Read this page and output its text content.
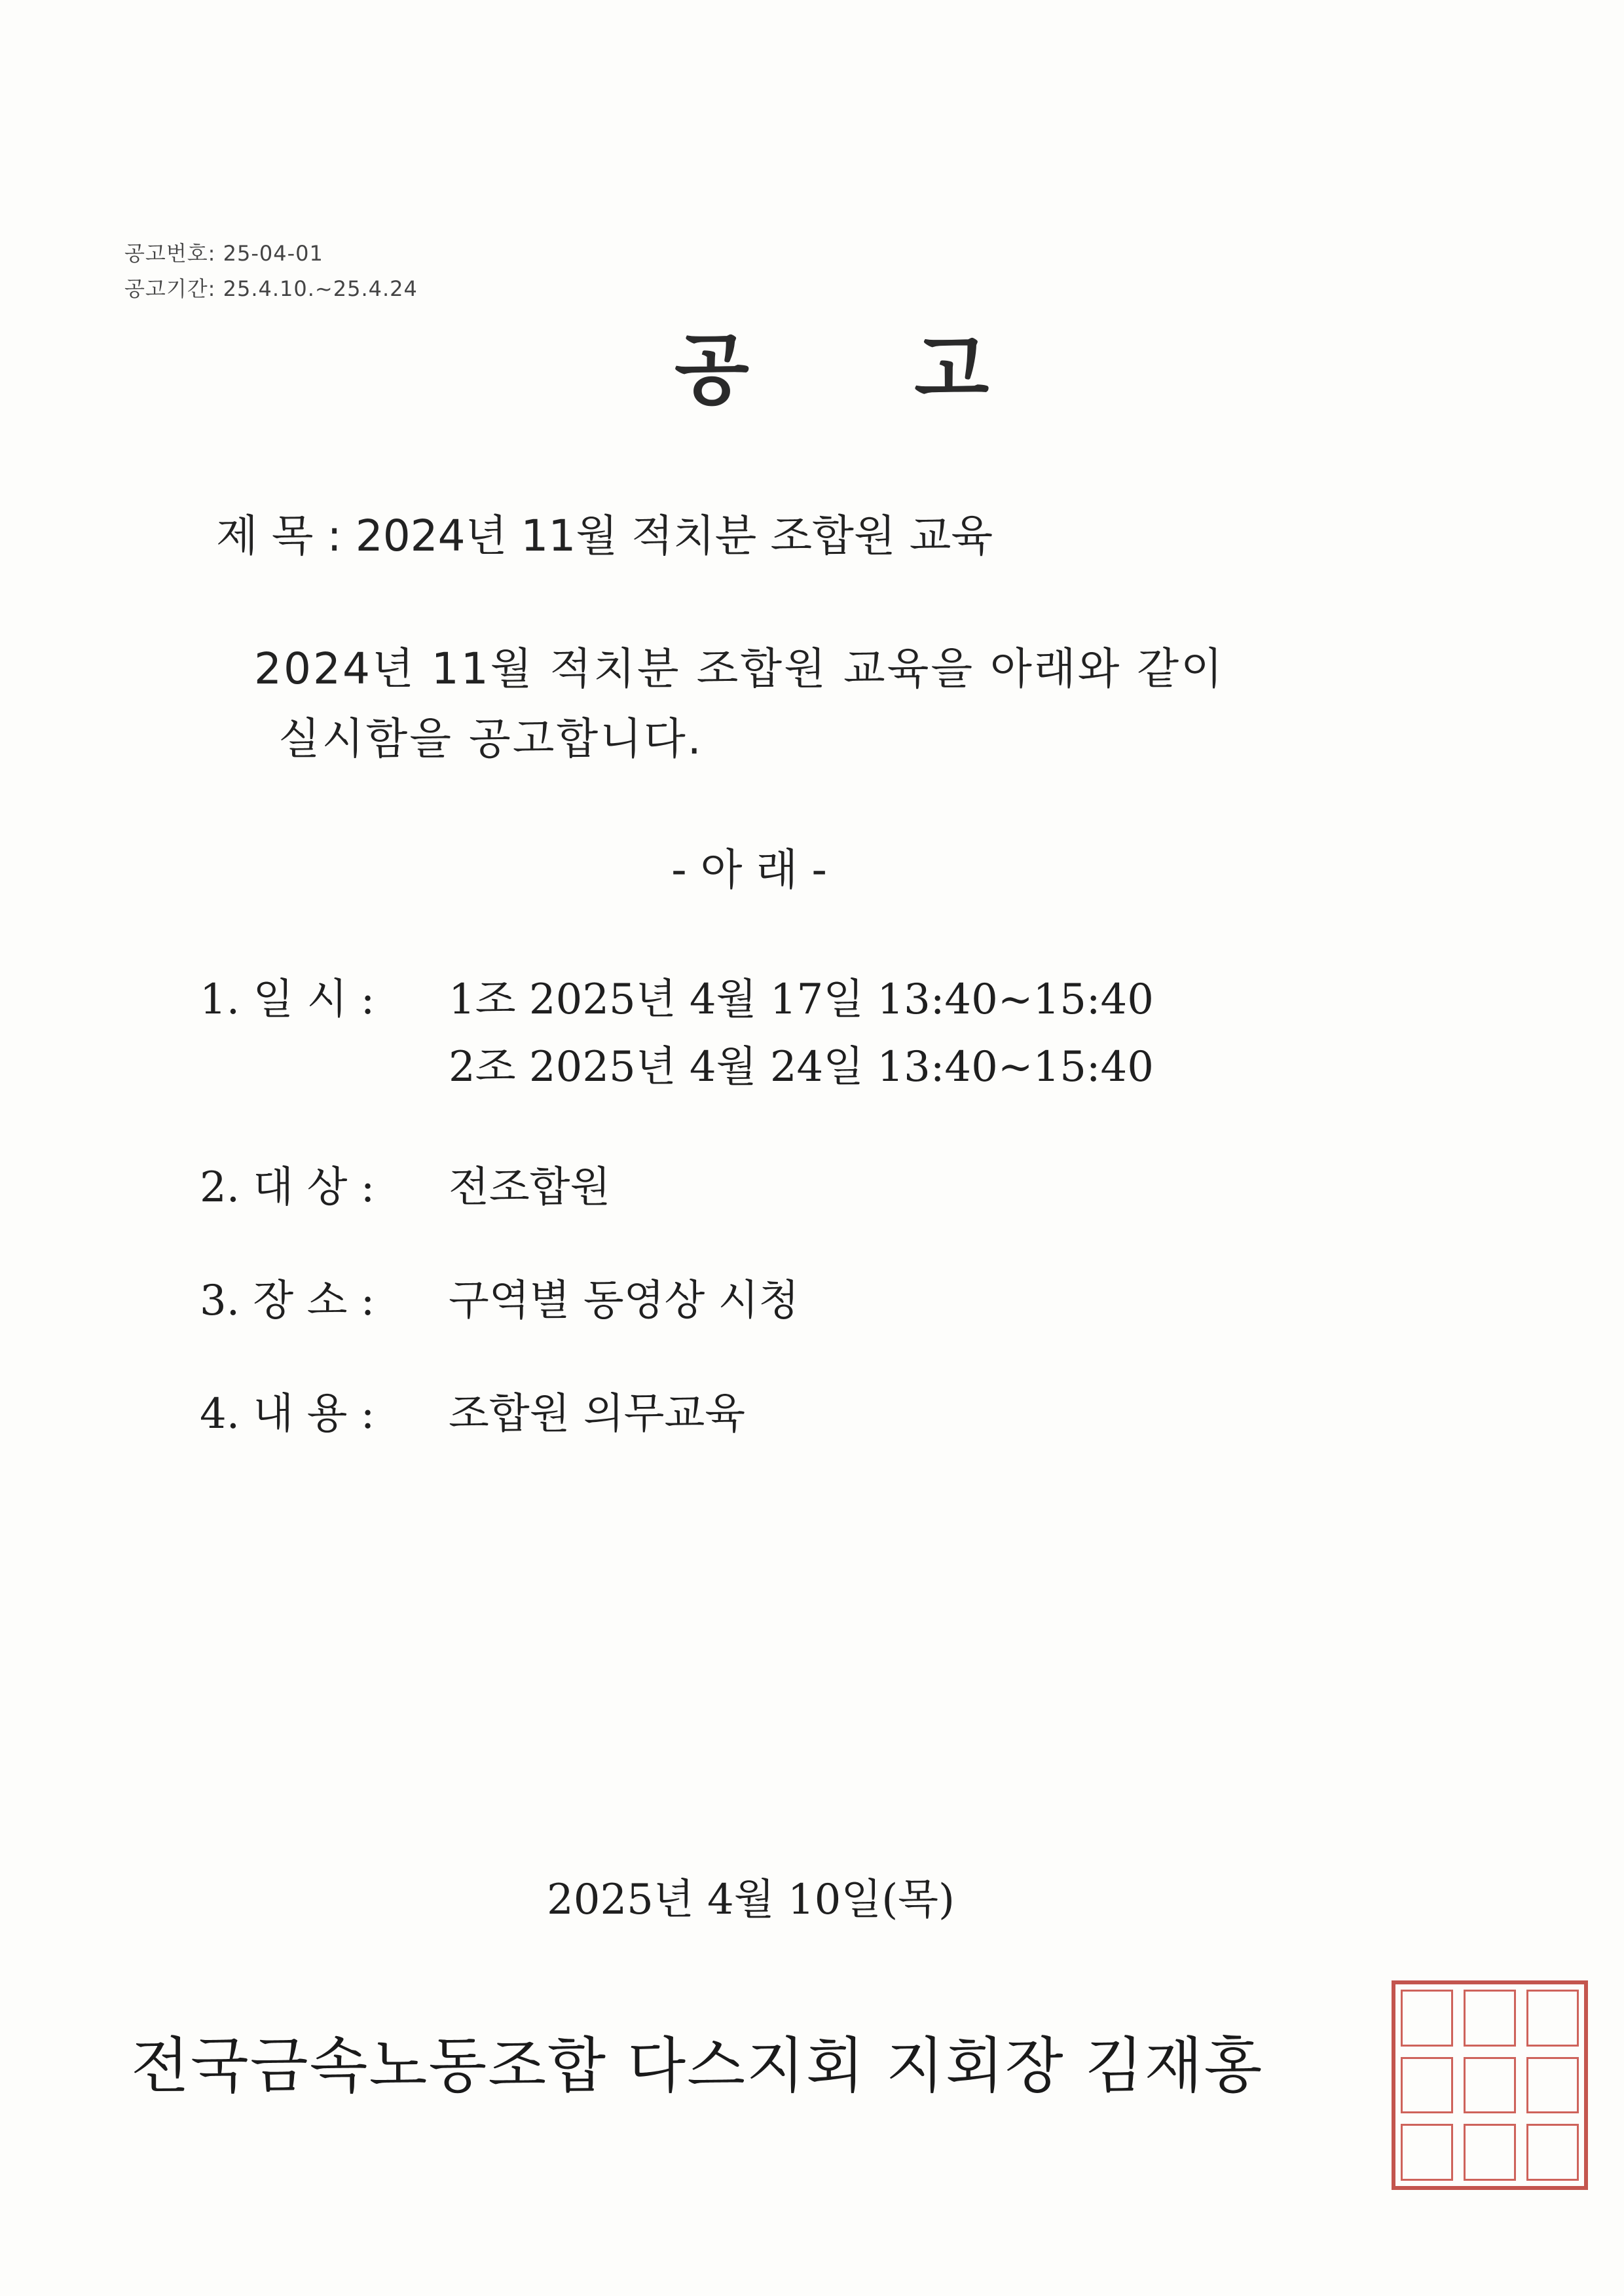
공고번호: 25-04-01
공고기간: 25.4.10.~25.4.24
공 고
제 목 : 2024년 11월 적치분 조합원 교육
2024년 11월 적치분 조합원 교육을 아래와 같이
실시함을 공고합니다.
- 아 래 -
1. 일 시 : 1조 2025년 4월 17일 13:40~15:40
2조 2025년 4월 24일 13:40~15:40
2. 대 상 : 전조합원
3. 장 소 : 구역별 동영상 시청
4. 내 용 : 조합원 의무교육
2025년 4월 10일(목)
전국금속노동조합 다스지회 지회장 김재홍
